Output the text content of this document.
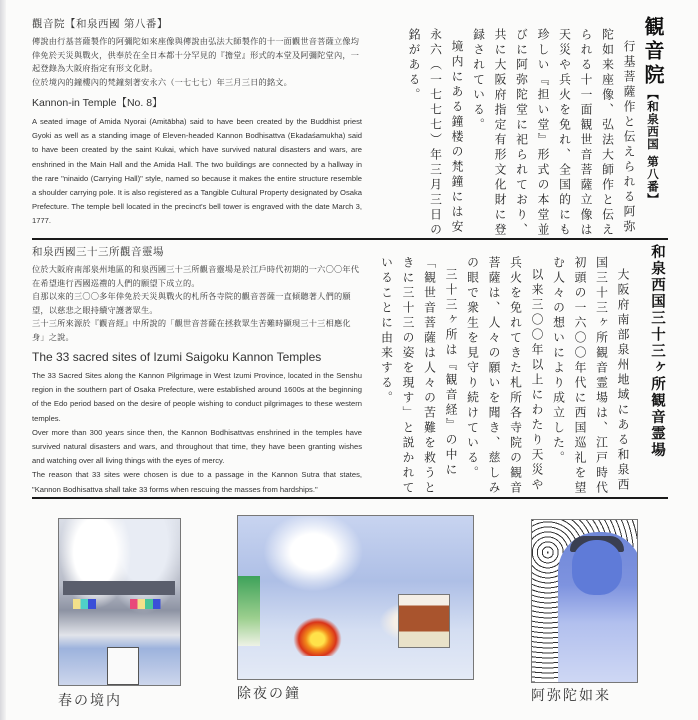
觀音院【和泉西國 第八番】

傳說由行基菩薩製作的阿彌陀如來座像與傳說由弘法大師製作的十一面觀世音菩薩立像均倖免於天災與戰火，供奉於在全日本都十分罕見的『擔堂』形式的本堂及阿彌陀堂內，一起登錄為大阪府指定有形文化財。

位於境內的鐘樓內的梵鐘刻著安永六（一七七七）年三月三日的銘文。

Kannon-in Temple【No. 8】

A seated image of Amida Nyorai (Amitābha) said to have been created by the Buddhist priest Gyoki as well as a standing image of Eleven-headed Kannon Bodhisattva (Ekadaśamukha) said to have been created by the saint Kukai, which have survived natural disasters and wars, are enshrined in the Main Hall and the Amida Hall. The two buildings are connected by a hallway in the rare "ninaido (Carrying Hall)" style, named so because it makes the entire structure resemble a shoulder carrying pole. It is also registered as a Tangible Cultural Property designated by Osaka Prefecture. The temple bell located in the precinct's bell tower is engraved with the date March 3, 1777.

観音院【和泉西国 第八番】

行基菩薩作と伝えられる阿弥陀如来座像、弘法大師作と伝えられる十一面観世音菩薩立像は天災や兵火を免れ、全国的にも珍しい『担い堂』形式の本堂並びに阿弥陀堂に祀られており、共に大阪府指定有形文化財に登録されている。

境内にある鐘楼の梵鐘には安永六（一七七七）年三月三日の銘がある。

和泉西國三十三所觀音靈場

位於大阪府南部泉州地區的和泉西國三十三所觀音靈場是於江戶時代初期的一六〇〇年代在希望進行西國巡禮的人們的願望下成立的。

自那以來的三〇〇多年倖免於天災與戰火的札所各寺院的觀音菩薩一直傾聽著人們的願望，以慈悲之眼持續守護著眾生。

三十三所來源於『觀音經』中所說的「觀世音菩薩在拯救眾生苦難時顯現三十三相應化身」之說。

The 33 sacred sites of Izumi Saigoku Kannon Temples

The 33 Sacred Sites along the Kannon Pilgrimage in West Izumi Province, located in the Senshu region in the southern part of Osaka Prefecture, were established around 1600s at the beginning of the Edo period based on the desire of people wishing to conduct pilgrimages to these western temples.

Over more than 300 years since then, the Kannon Bodhisattvas enshrined in the temples have survived natural disasters and wars, and throughout that time, they have been granting wishes and watching over all living things with the eyes of mercy.

The reason that 33 sites were chosen is due to a passage in the Kannon Sutra that states, "Kannon Bodhisattva shall take 33 forms when rescuing the masses from hardships."

和泉西国三十三ヶ所観音霊場

大阪府南部泉州地域にある和泉西国三十三ヶ所観音霊場は、江戸時代初頭の一六〇〇年代に西国巡礼を望む人々の想いにより成立した。

以来三〇〇年以上にわたり天災や兵火を免れてきた札所各寺院の観音菩薩は、人々の願いを聞き、慈しみの眼で衆生を見守り続けている。

三十三ヶ所は『観音経』の中に「観世音菩薩は人々の苦難を救うときに三十三の姿を現す」と説かれていることに由来する。

春の境内	除夜の鐘	阿弥陀如来
